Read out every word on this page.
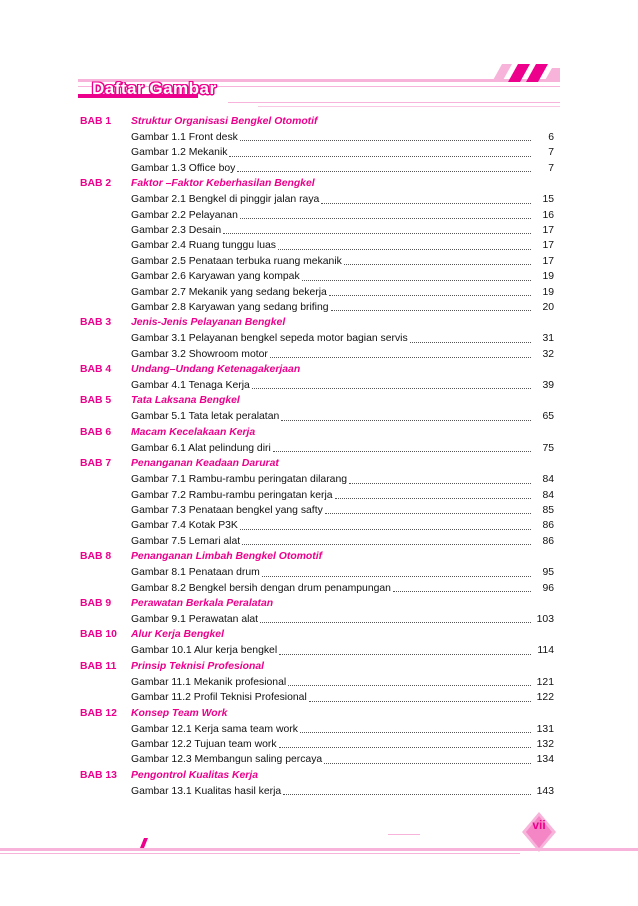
Daftar Gambar
BAB 1	Struktur Organisasi Bengkel Otomotif
Gambar 1.1 Front desk	6
Gambar 1.2 Mekanik	7
Gambar 1.3 Office boy	7
BAB 2	Faktor –Faktor Keberhasilan Bengkel
Gambar 2.1 Bengkel di pinggir jalan raya	15
Gambar 2.2 Pelayanan	16
Gambar 2.3 Desain	17
Gambar 2.4 Ruang tunggu luas	17
Gambar 2.5 Penataan terbuka ruang mekanik	17
Gambar 2.6 Karyawan yang kompak	19
Gambar 2.7 Mekanik yang sedang bekerja	19
Gambar 2.8 Karyawan yang sedang brifing	20
BAB 3	Jenis-Jenis Pelayanan Bengkel
Gambar 3.1 Pelayanan bengkel sepeda motor bagian servis	31
Gambar 3.2 Showroom motor	32
BAB 4	Undang–Undang Ketenagakerjaan
Gambar 4.1 Tenaga Kerja	39
BAB 5	Tata Laksana Bengkel
Gambar 5.1 Tata letak peralatan	65
BAB 6	Macam Kecelakaan Kerja
Gambar 6.1 Alat pelindung diri	75
BAB 7	Penanganan Keadaan Darurat
Gambar 7.1 Rambu-rambu peringatan dilarang	84
Gambar 7.2 Rambu-rambu peringatan kerja	84
Gambar 7.3 Penataan bengkel yang safty	85
Gambar 7.4 Kotak P3K	86
Gambar 7.5 Lemari alat	86
BAB 8	Penanganan Limbah Bengkel Otomotif
Gambar 8.1 Penataan drum	95
Gambar 8.2 Bengkel bersih dengan drum penampungan	96
BAB 9	Perawatan Berkala Peralatan
Gambar 9.1 Perawatan alat	103
BAB 10	Alur Kerja Bengkel
Gambar 10.1 Alur kerja bengkel	114
BAB 11	Prinsip Teknisi Profesional
Gambar 11.1 Mekanik profesional	121
Gambar 11.2 Profil Teknisi Profesional	122
BAB 12	Konsep Team Work
Gambar 12.1 Kerja sama team work	131
Gambar 12.2 Tujuan team work	132
Gambar 12.3 Membangun saling percaya	134
BAB 13	Pengontrol Kualitas Kerja
Gambar 13.1 Kualitas hasil kerja	143
vii
